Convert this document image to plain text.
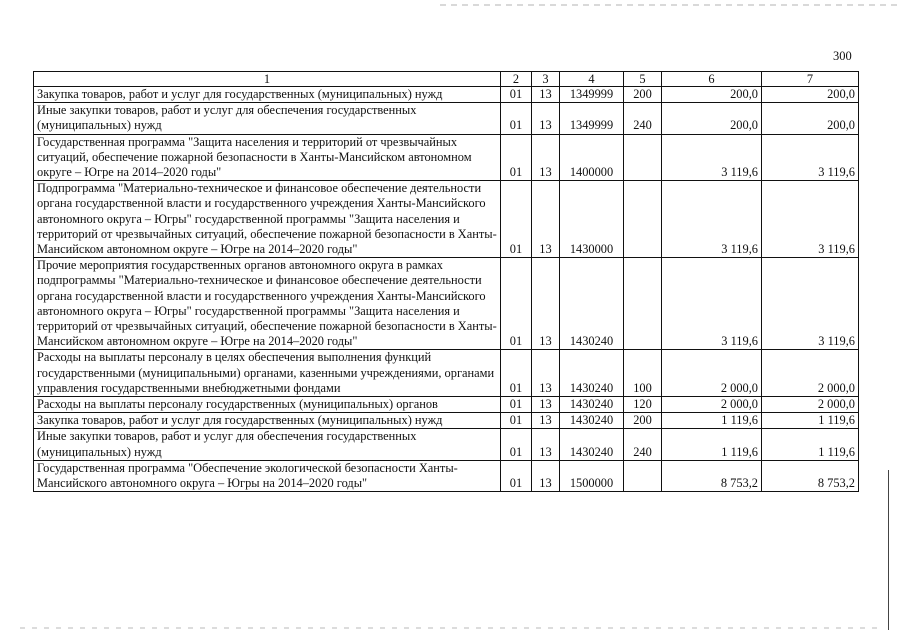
300
1	2	3	4	5	6	7
Закупка товаров, работ и услуг для государственных (муниципальных) нужд	01	13	1349999	200	200,0	200,0
Иные закупки товаров, работ и услуг для обеспечения государственных (муниципальных) нужд	01	13	1349999	240	200,0	200,0
Государственная программа "Защита населения и территорий от чрезвычайных ситуаций, обеспечение пожарной безопасности в Ханты-Мансийском автономном округе – Югре на 2014–2020 годы"	01	13	1400000		3 119,6	3 119,6
Подпрограмма "Материально-техническое и финансовое обеспечение деятельности органа государственной власти и государственного учреждения Ханты-Мансийского автономного округа – Югры" государственной программы "Защита населения и территорий от чрезвычайных ситуаций, обеспечение пожарной безопасности в Ханты-Мансийском автономном округе – Югре на 2014–2020 годы"	01	13	1430000		3 119,6	3 119,6
Прочие мероприятия государственных органов автономного округа в рамках подпрограммы "Материально-техническое и финансовое обеспечение деятельности органа государственной власти и государственного учреждения Ханты-Мансийского автономного округа – Югры" государственной программы "Защита населения и территорий от чрезвычайных ситуаций, обеспечение пожарной безопасности в Ханты-Мансийском автономном округе – Югре на 2014–2020 годы"	01	13	1430240		3 119,6	3 119,6
Расходы на выплаты персоналу в целях обеспечения выполнения функций государственными (муниципальными) органами, казенными учреждениями, органами управления государственными внебюджетными фондами	01	13	1430240	100	2 000,0	2 000,0
Расходы на выплаты персоналу государственных (муниципальных) органов	01	13	1430240	120	2 000,0	2 000,0
Закупка товаров, работ и услуг для государственных (муниципальных) нужд	01	13	1430240	200	1 119,6	1 119,6
Иные закупки товаров, работ и услуг для обеспечения государственных (муниципальных) нужд	01	13	1430240	240	1 119,6	1 119,6
Государственная программа "Обеспечение экологической безопасности Ханты-Мансийского автономного округа – Югры на 2014–2020 годы"	01	13	1500000		8 753,2	8 753,2
